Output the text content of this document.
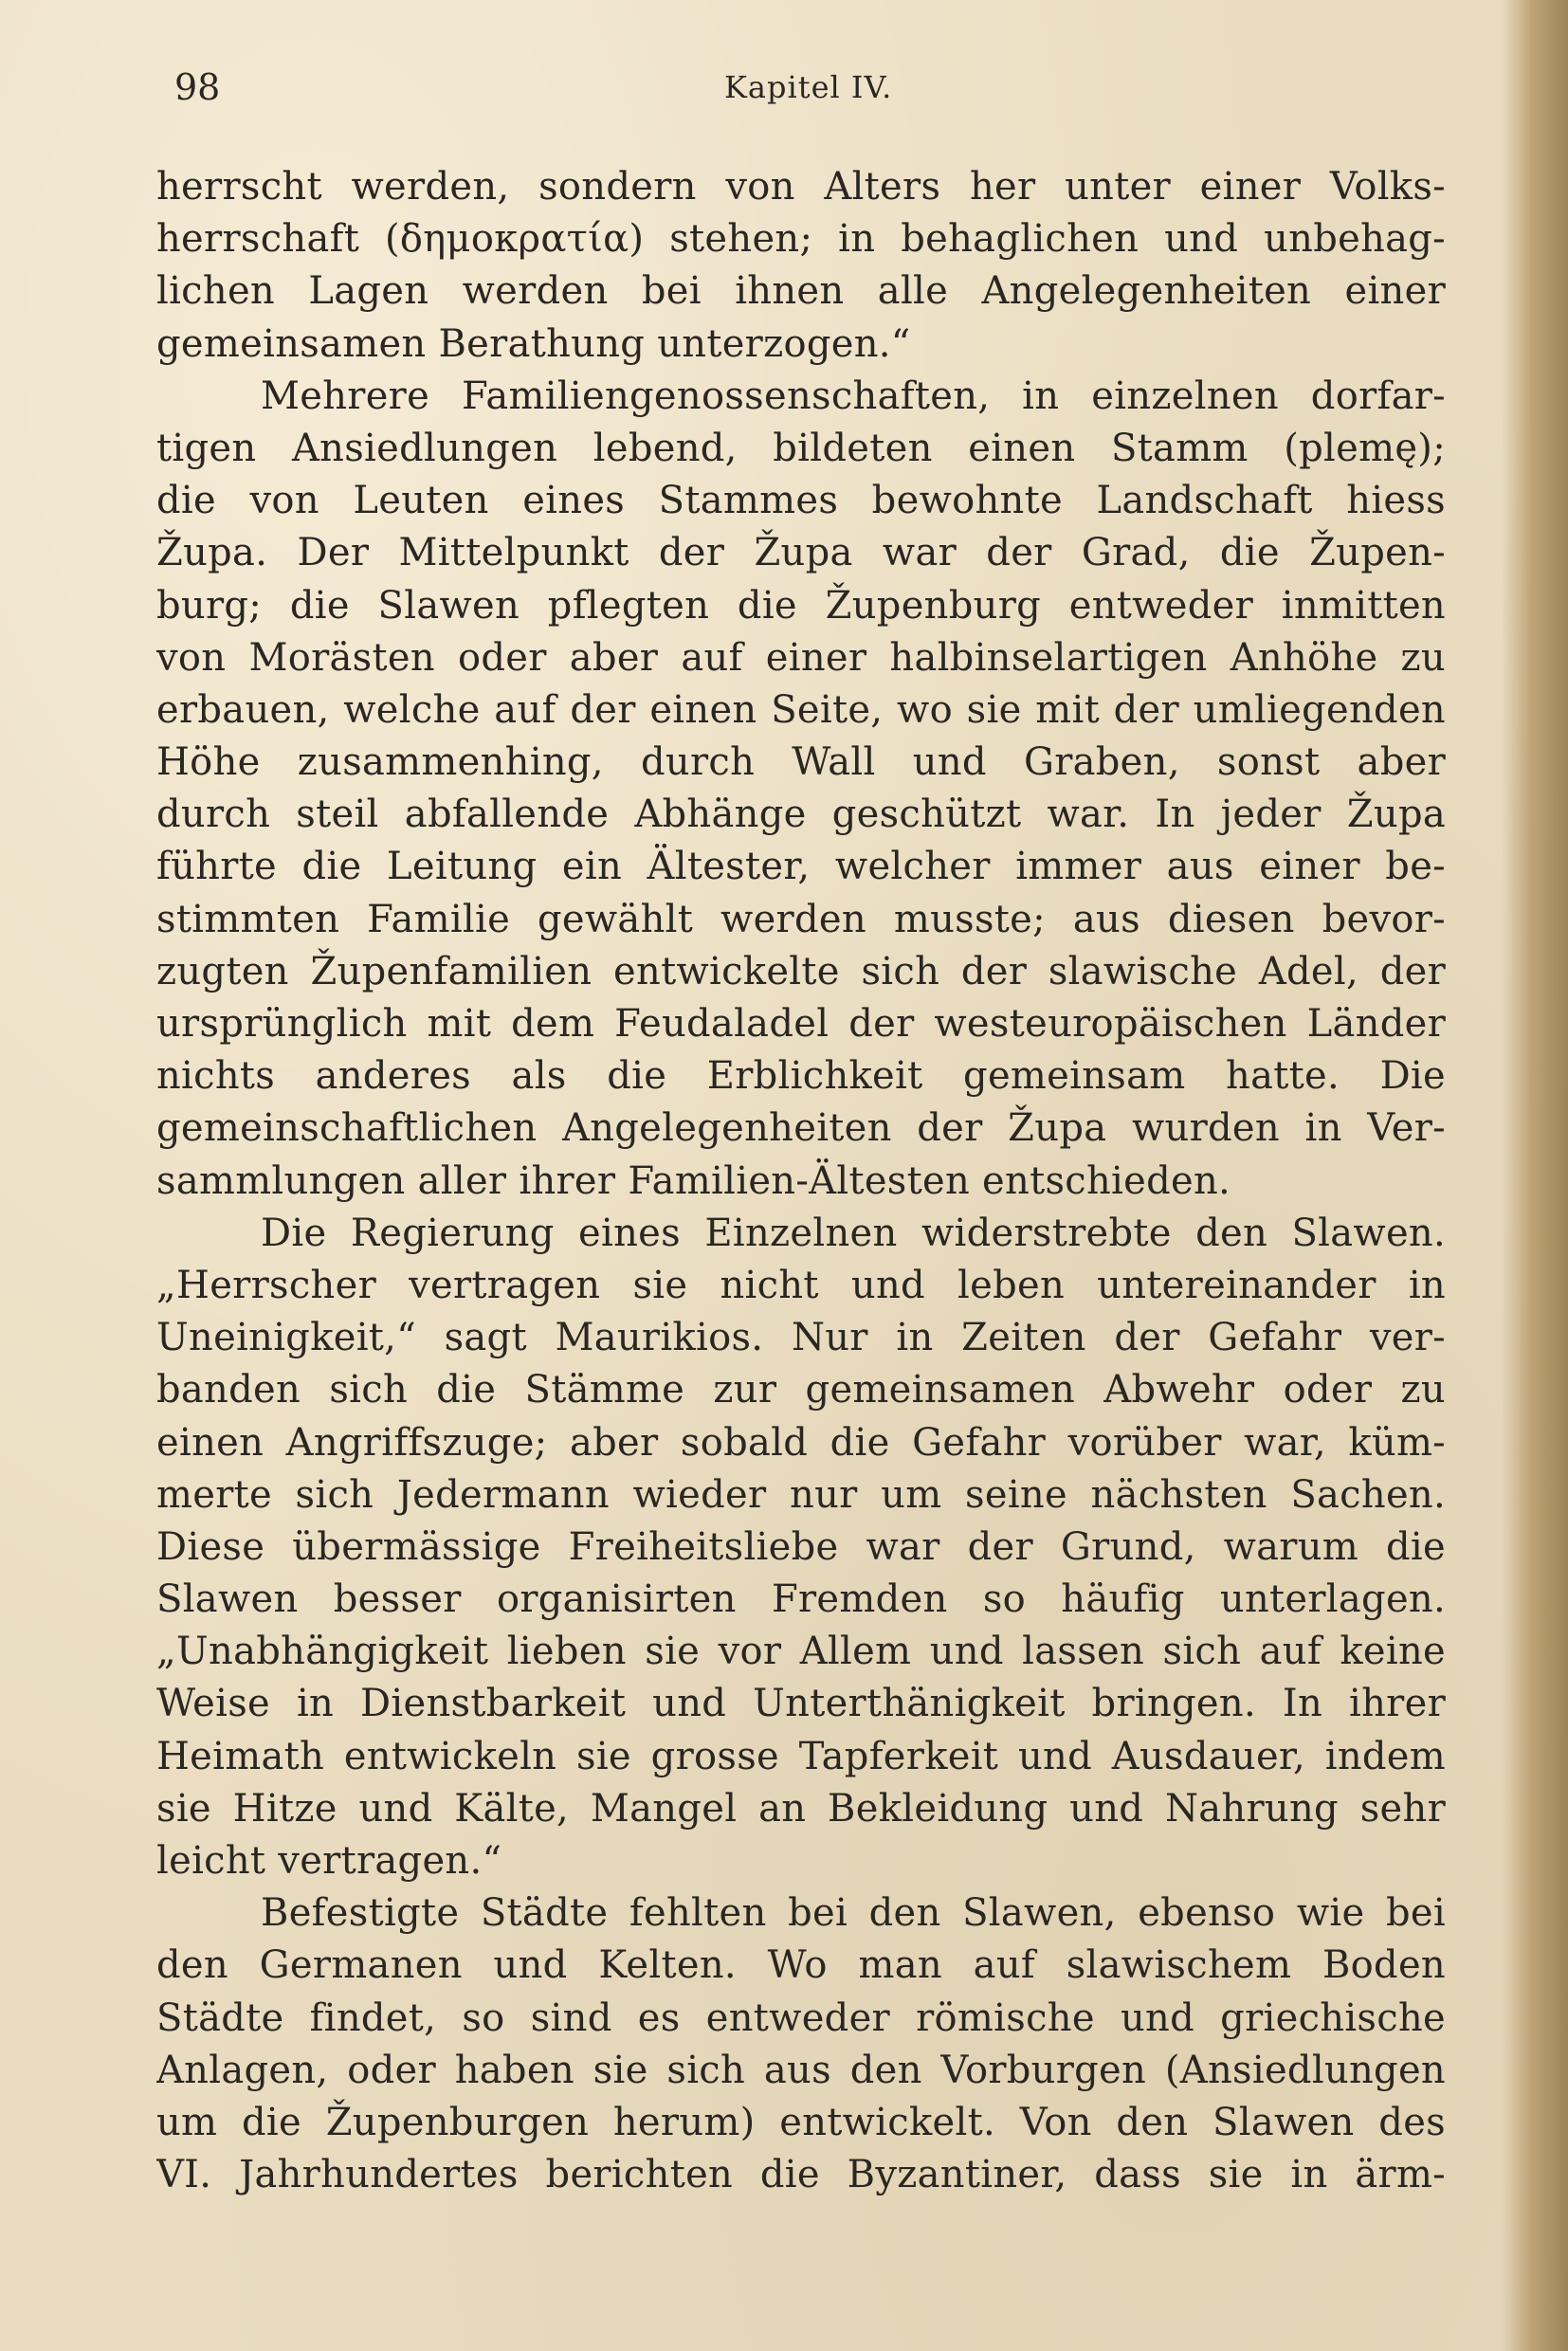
98	Kapitel IV.
herrscht werden, sondern von Alters her unter einer Volks-
herrschaft (δημοκρατία) stehen; in behaglichen und unbehag-
lichen Lagen werden bei ihnen alle Angelegenheiten einer
gemeinsamen Berathung unterzogen.“
Mehrere Familiengenossenschaften, in einzelnen dorfar-
tigen Ansiedlungen lebend, bildeten einen Stamm (plemę);
die von Leuten eines Stammes bewohnte Landschaft hiess
Župa. Der Mittelpunkt der Župa war der Grad, die Župen-
burg; die Slawen pflegten die Župenburg entweder inmitten
von Morästen oder aber auf einer halbinselartigen Anhöhe zu
erbauen, welche auf der einen Seite, wo sie mit der umliegenden
Höhe zusammenhing, durch Wall und Graben, sonst aber
durch steil abfallende Abhänge geschützt war. In jeder Župa
führte die Leitung ein Ältester, welcher immer aus einer be-
stimmten Familie gewählt werden musste; aus diesen bevor-
zugten Župenfamilien entwickelte sich der slawische Adel, der
ursprünglich mit dem Feudaladel der westeuropäischen Länder
nichts anderes als die Erblichkeit gemeinsam hatte. Die
gemeinschaftlichen Angelegenheiten der Župa wurden in Ver-
sammlungen aller ihrer Familien-Ältesten entschieden.
Die Regierung eines Einzelnen widerstrebte den Slawen.
„Herrscher vertragen sie nicht und leben untereinander in
Uneinigkeit,“ sagt Maurikios. Nur in Zeiten der Gefahr ver-
banden sich die Stämme zur gemeinsamen Abwehr oder zu
einen Angriffszuge; aber sobald die Gefahr vorüber war, küm-
merte sich Jedermann wieder nur um seine nächsten Sachen.
Diese übermässige Freiheitsliebe war der Grund, warum die
Slawen besser organisirten Fremden so häufig unterlagen.
„Unabhängigkeit lieben sie vor Allem und lassen sich auf keine
Weise in Dienstbarkeit und Unterthänigkeit bringen. In ihrer
Heimath entwickeln sie grosse Tapferkeit und Ausdauer, indem
sie Hitze und Kälte, Mangel an Bekleidung und Nahrung sehr
leicht vertragen.“
Befestigte Städte fehlten bei den Slawen, ebenso wie bei
den Germanen und Kelten. Wo man auf slawischem Boden
Städte findet, so sind es entweder römische und griechische
Anlagen, oder haben sie sich aus den Vorburgen (Ansiedlungen
um die Župenburgen herum) entwickelt. Von den Slawen des
VI. Jahrhundertes berichten die Byzantiner, dass sie in ärm-
